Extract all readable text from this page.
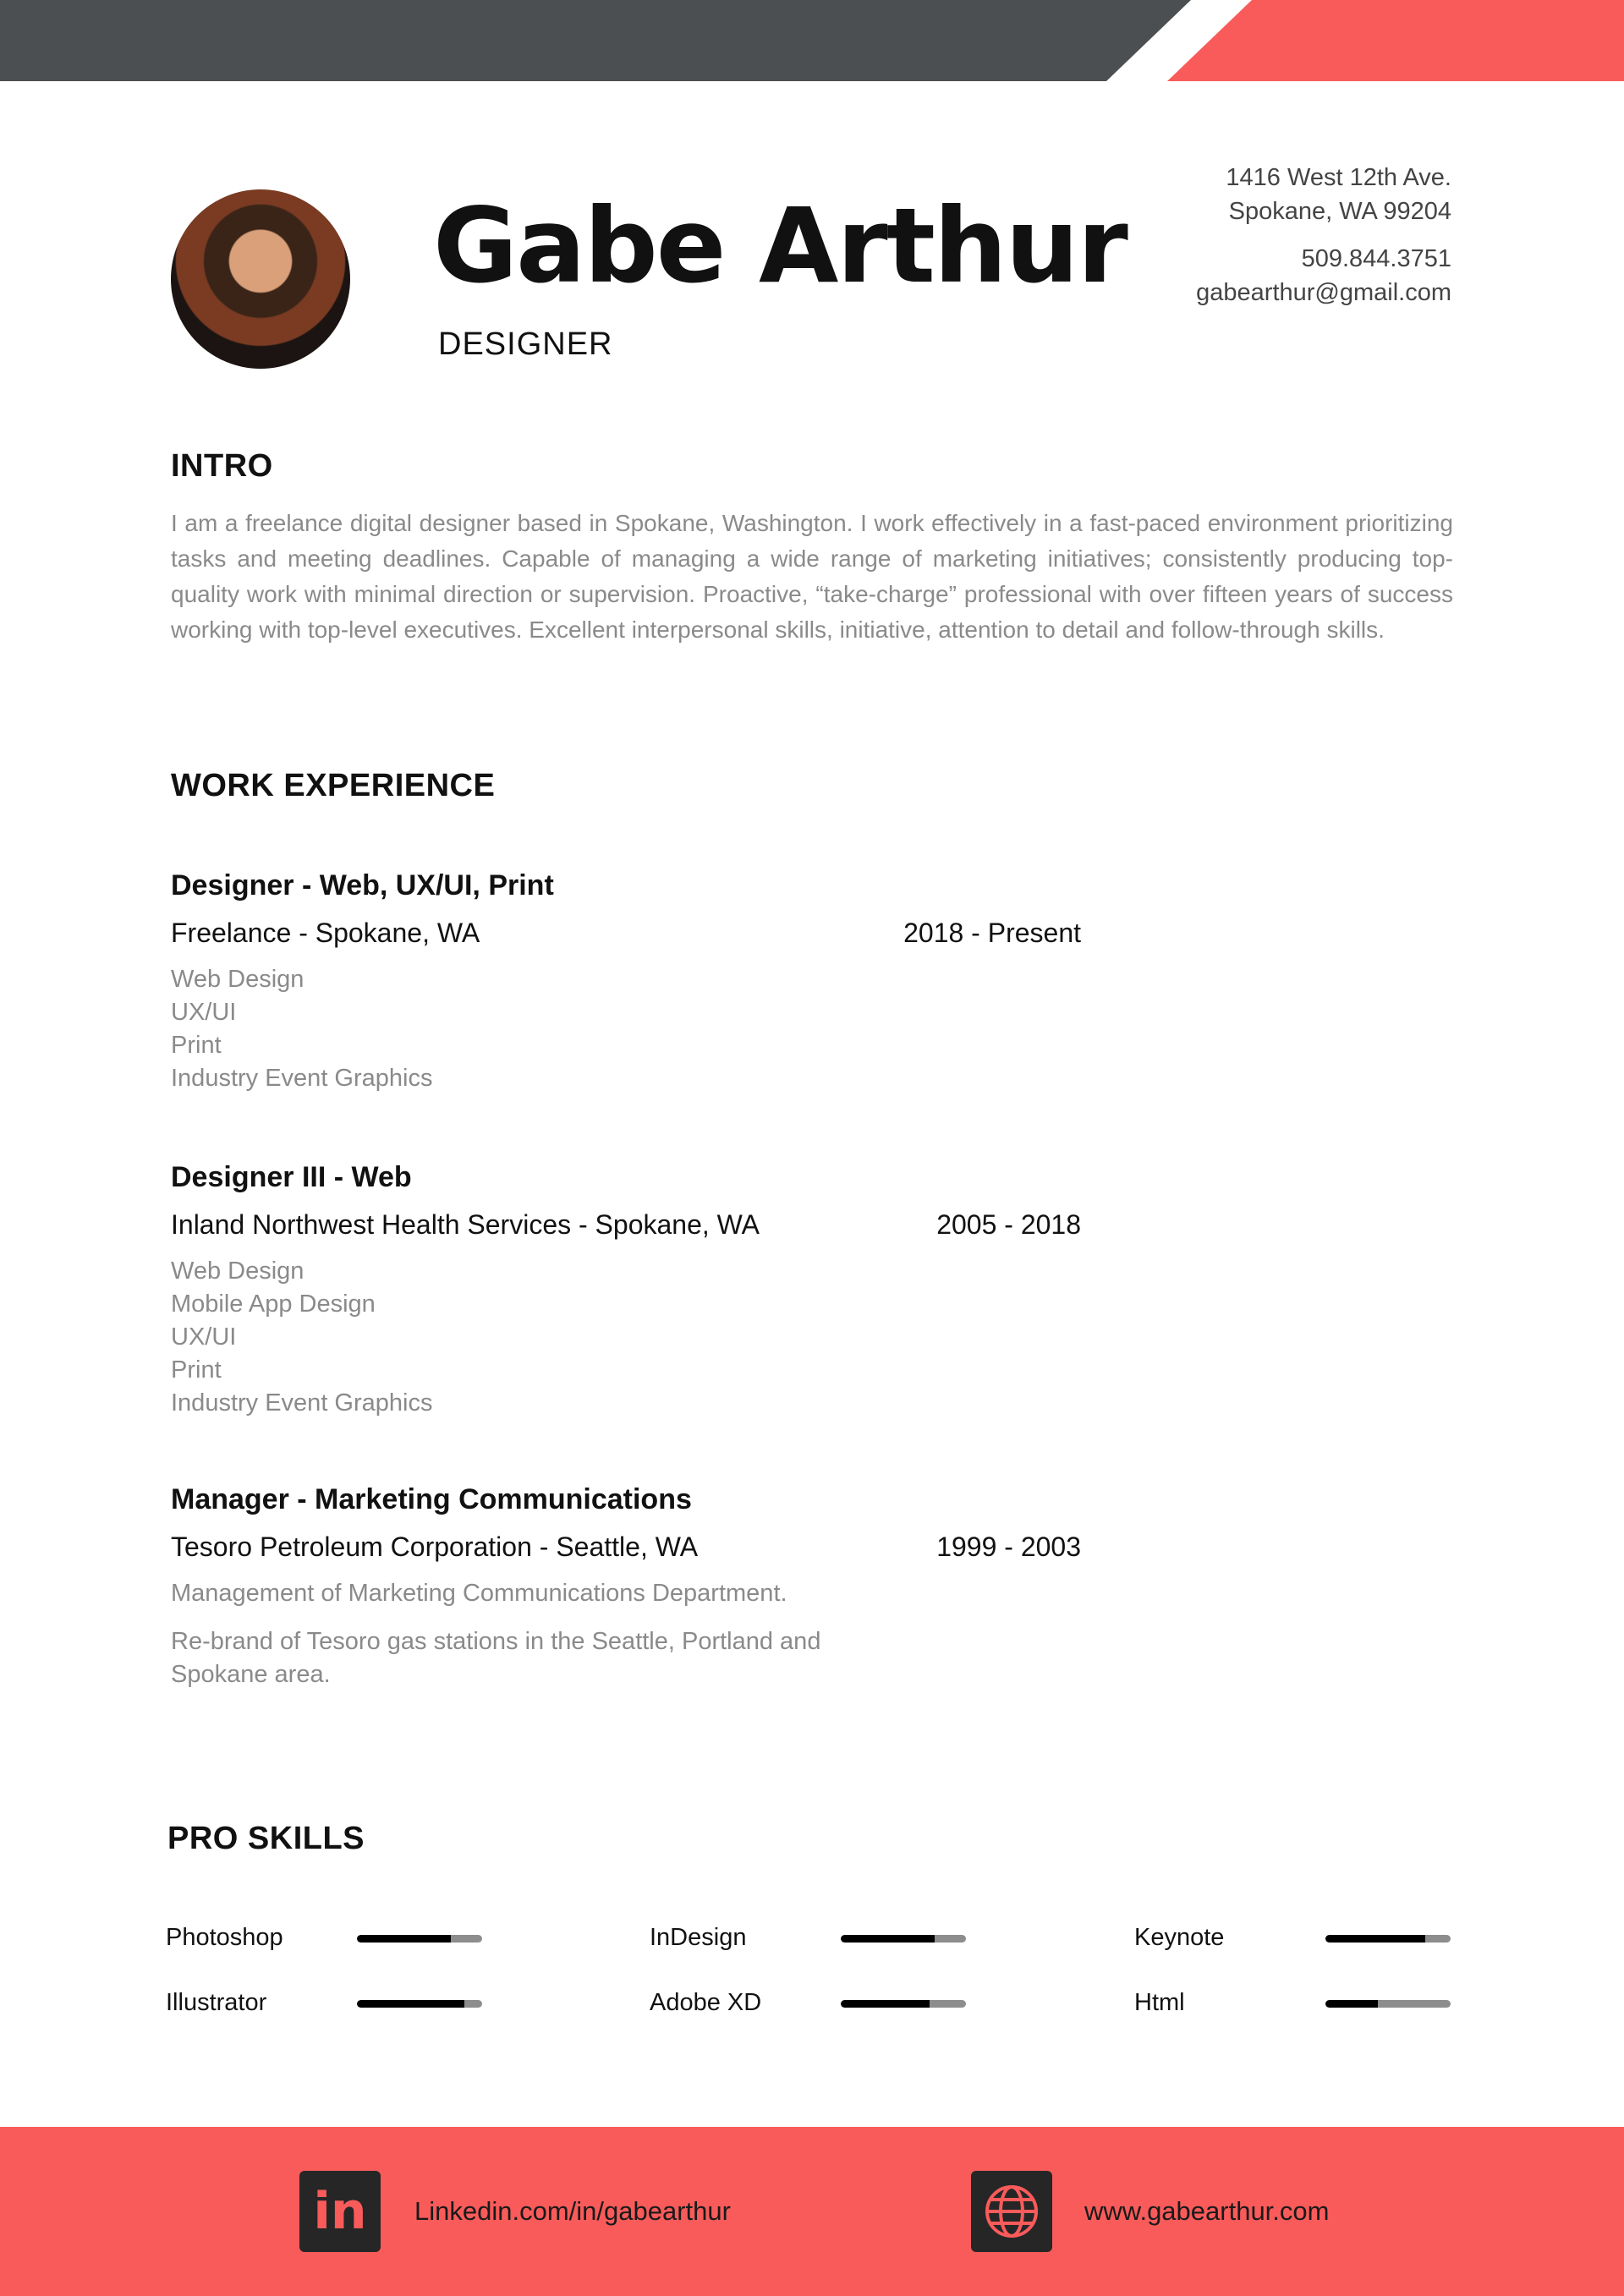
Gabe Arthur
DESIGNER
1416 West 12th Ave.
Spokane, WA 99204
509.844.3751
gabearthur@gmail.com
INTRO
I am a freelance digital designer based in Spokane, Washington. I work effectively in a fast-paced environment prioritizing tasks and meeting deadlines. Capable of managing a wide range of marketing initiatives; consistently producing top-quality work with minimal direction or supervision. Proactive, “take-charge” professional with over fifteen years of success working with top-level executives. Excellent interpersonal skills, initiative, attention to detail and follow-through skills.
WORK EXPERIENCE
Designer - Web, UX/UI, Print
Freelance - Spokane, WA	2018 - Present
Web Design
UX/UI
Print
Industry Event Graphics
Designer III - Web
Inland Northwest Health Services - Spokane, WA	2005 - 2018
Web Design
Mobile App Design
UX/UI
Print
Industry Event Graphics
Manager - Marketing Communications
Tesoro Petroleum Corporation - Seattle, WA	1999 - 2003
Management of Marketing Communications Department.
Re-brand of Tesoro gas stations in the Seattle, Portland and Spokane area.
PRO SKILLS
Photoshop	InDesign	Keynote
Illustrator	Adobe XD	Html
in	Linkedin.com/in/gabearthur	www.gabearthur.com
